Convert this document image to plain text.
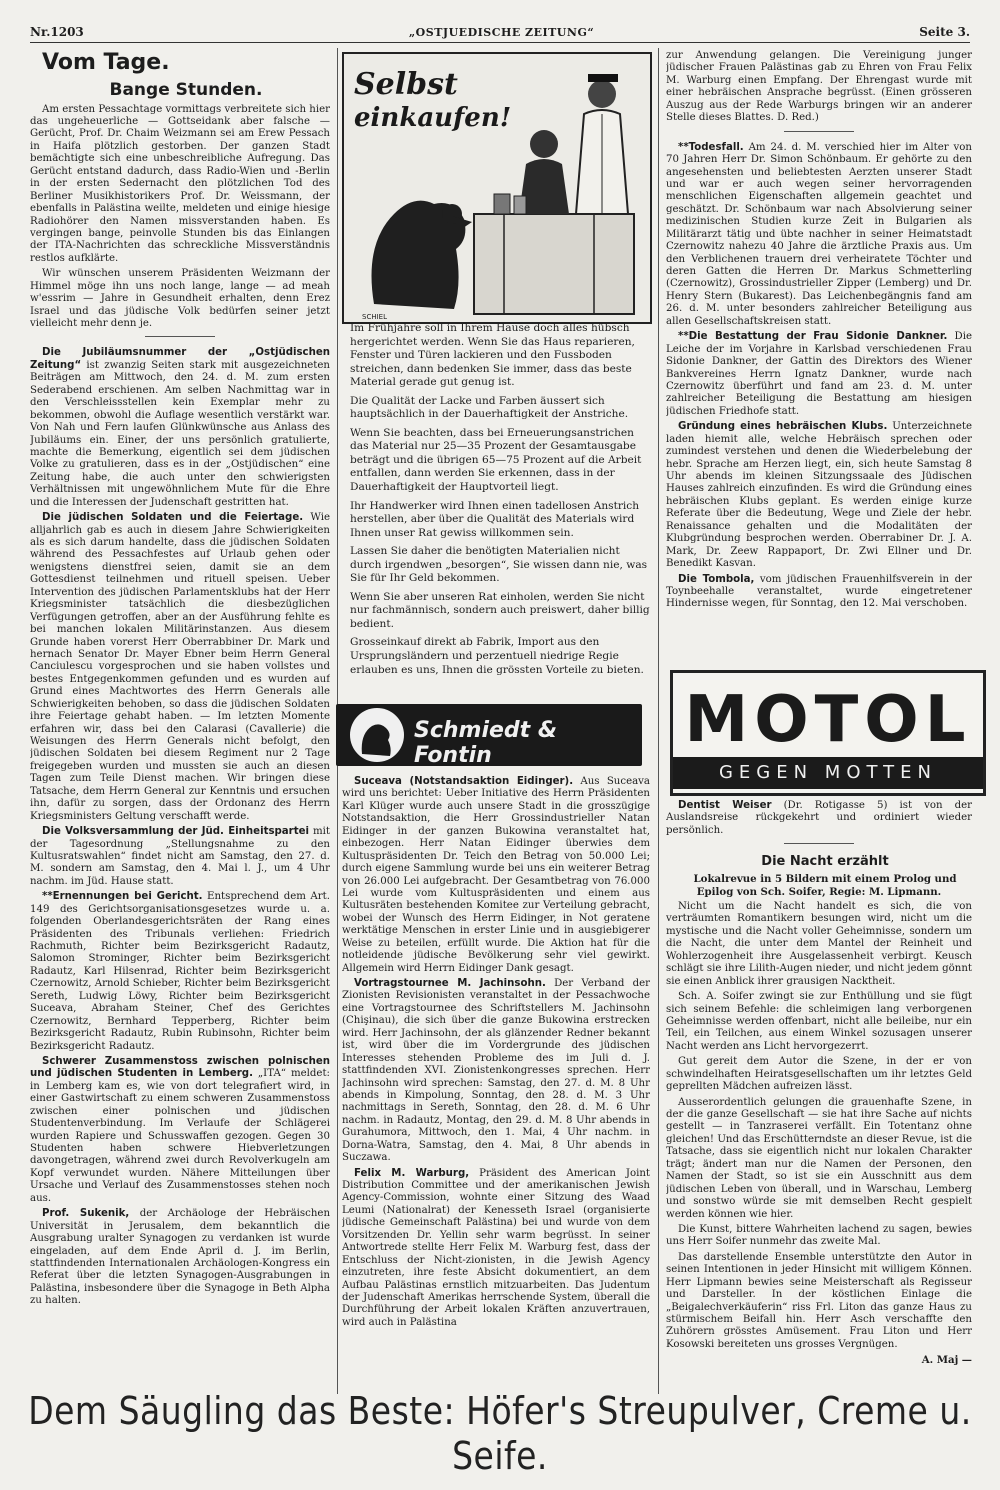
Nr.1203	„OSTJUEDISCHE ZEITUNG“	Seite 3.

Vom Tage.

Bange Stunden.

Am ersten Pessachtage vormittags verbreitete sich hier das ungeheuerliche — Gottseidank aber falsche — Gerücht, Prof. Dr. Chaim Weizmann sei am Erew Pessach in Haifa plötzlich gestorben. Der ganzen Stadt bemächtigte sich eine unbeschreibliche Aufregung. Das Gerücht entstand dadurch, dass Radio-Wien und -Berlin in der ersten Sedernacht den plötzlichen Tod des Berliner Musikhistorikers Prof. Dr. Weissmann, der ebenfalls in Palästina weilte, meldeten und einige hiesige Radiohörer den Namen missverstanden haben. Es vergingen bange, peinvolle Stunden bis das Einlangen der ITA-Nachrichten das schreckliche Missverständnis restlos aufklärte.

Wir wünschen unserem Präsidenten Weizmann der Himmel möge ihn uns noch lange, lange — ad meah w'essrim — Jahre in Gesundheit erhalten, denn Erez Israel und das jüdische Volk bedürfen seiner jetzt vielleicht mehr denn je.

Die Jubiläumsnummer der „Ostjüdischen Zeitung“ ist zwanzig Seiten stark mit ausgezeichneten Beiträgen am Mittwoch, den 24. d. M. zum ersten Sederabend erschienen. Am selben Nachmittag war in den Verschleissstellen kein Exemplar mehr zu bekommen, obwohl die Auflage wesentlich verstärkt war. Von Nah und Fern laufen Glünkwünsche aus Anlass des Jubiläums ein. Einer, der uns persönlich gratulierte, machte die Bemerkung, eigentlich sei dem jüdischen Volke zu gratulieren, dass es in der „Ostjüdischen“ eine Zeitung habe, die auch unter den schwierigsten Verhältnissen mit ungewöhnlichem Mute für die Ehre und die Interessen der Judenschaft gestritten hat.

Die jüdischen Soldaten und die Feiertage. Wie alljahrlich gab es auch in diesem Jahre Schwierigkeiten als es sich darum handelte, dass die jüdischen Soldaten während des Pessachfestes auf Urlaub gehen oder wenigstens dienstfrei seien, damit sie an dem Gottesdienst teilnehmen und rituell speisen. Ueber Intervention des jüdischen Parlamentsklubs hat der Herr Kriegsminister tatsächlich die diesbezüglichen Verfügungen getroffen, aber an der Ausführung fehlte es bei manchen lokalen Militärinstanzen. Aus diesem Grunde haben vorerst Herr Oberrabbiner Dr. Mark und hernach Senator Dr. Mayer Ebner beim Herrn General Canciulescu vorgesprochen und sie haben vollstes und bestes Entgegenkommen gefunden und es wurden auf Grund eines Machtwortes des Herrn Generals alle Schwierigkeiten behoben, so dass die jüdischen Soldaten ihre Feiertage gehabt haben. — Im letzten Momente erfahren wir, dass bei den Calarasi (Cavallerie) die Weisungen des Herrn Generals nicht befolgt, den jüdischen Soldaten bei diesem Regiment nur 2 Tage freigegeben wurden und mussten sie auch an diesen Tagen zum Teile Dienst machen. Wir bringen diese Tatsache, dem Herrn General zur Kenntnis und ersuchen ihn, dafür zu sorgen, dass der Ordonanz des Herrn Kriegsministers Geltung verschafft werde.

Die Volksversammlung der Jüd. Einheitspartei mit der Tagesordnung „Stellungsnahme zu den Kultusratswahlen“ findet nicht am Samstag, den 27. d. M. sondern am Samstag, den 4. Mai l. J., um 4 Uhr nachm. im Jüd. Hause statt.

**Ernennungen bei Gericht. Entsprechend dem Art. 149 des Gerichtsorganisationsgesetzes wurde u. a. folgenden Oberlandesgerichtsräten der Rang eines Präsidenten des Tribunals verliehen: Friedrich Rachmuth, Richter beim Bezirksgericht Radautz, Salomon Strominger, Richter beim Bezirksgericht Radautz, Karl Hilsenrad, Richter beim Bezirksgericht Czernowitz, Arnold Schieber, Richter beim Bezirksgericht Sereth, Ludwig Löwy, Richter beim Bezirksgericht Suceava, Abraham Steiner, Chef des Gerichtes Czernowitz, Bernhard Tepperberg, Richter beim Bezirksgericht Radautz, Rubin Rubinsohn, Richter beim Bezirksgericht Radautz.

Schwerer Zusammenstoss zwischen polnischen und jüdischen Studenten in Lemberg. „ITA“ meldet: in Lemberg kam es, wie von dort telegrafiert wird, in einer Gastwirtschaft zu einem schweren Zusammenstoss zwischen einer polnischen und jüdischen Studentenverbindung. Im Verlaufe der Schlägerei wurden Rapiere und Schusswaffen gezogen. Gegen 30 Studenten haben schwere Hiebverletzungen davongetragen, während zwei durch Revolverkugeln am Kopf verwundet wurden. Nähere Mitteilungen über Ursache und Verlauf des Zusammenstosses stehen noch aus.

Prof. Sukenik, der Archäologe der Hebräischen Universität in Jerusalem, dem bekanntlich die Ausgrabung uralter Synagogen zu verdanken ist wurde eingeladen, auf dem Ende April d. J. im Berlin, stattfindenden Internationalen Archäologen-Kongress ein Referat über die letzten Synagogen-Ausgrabungen in Palästina, insbesondere über die Synagoge in Beth Alpha zu halten.

SCHIEL
Selbst
einkaufen!

Im Frühjahre soll in Ihrem Hause doch alles hübsch hergerichtet werden. Wenn Sie das Haus reparieren, Fenster und Türen lackieren und den Fussboden streichen, dann bedenken Sie immer, dass das beste Material gerade gut genug ist.

Die Qualität der Lacke und Farben äussert sich hauptsächlich in der Dauerhaftigkeit der Anstriche.

Wenn Sie beachten, dass bei Erneuerungsanstrichen das Material nur 25—35 Prozent der Gesamtausgabe beträgt und die übrigen 65—75 Prozent auf die Arbeit entfallen, dann werden Sie erkennen, dass in der Dauerhaftigkeit der Hauptvorteil liegt.

Ihr Handwerker wird Ihnen einen tadellosen Anstrich herstellen, aber über die Qualität des Materials wird Ihnen unser Rat gewiss willkommen sein.

Lassen Sie daher die benötigten Materialien nicht durch irgendwen „besorgen“, Sie wissen dann nie, was Sie für Ihr Geld bekommen.

Wenn Sie aber unseren Rat einholen, werden Sie nicht nur fachmännisch, sondern auch preiswert, daher billig bedient.

Grosseinkauf direkt ab Fabrik, Import aus den Ursprungsländern und perzentuell niedrige Regie erlauben es uns, Ihnen die grössten Vorteile zu bieten.

Schmiedt & Fontin

Suceava (Notstandsaktion Eidinger). Aus Suceava wird uns berichtet: Ueber Initiative des Herrn Präsidenten Karl Klüger wurde auch unsere Stadt in die grosszügige Notstandsaktion, die Herr Grossindustrieller Natan Eidinger in der ganzen Bukowina veranstaltet hat, einbezogen. Herr Natan Eidinger überwies dem Kultuspräsidenten Dr. Teich den Betrag von 50.000 Lei; durch eigene Sammlung wurde bei uns ein weiterer Betrag von 26.000 Lei aufgebracht. Der Gesamtbetrag von 76.000 Lei wurde vom Kultuspräsidenten und einem aus Kultusräten bestehenden Komitee zur Verteilung gebracht, wobei der Wunsch des Herrn Eidinger, in Not geratene werktätige Menschen in erster Linie und in ausgiebigerer Weise zu beteilen, erfüllt wurde. Die Aktion hat für die notleidende jüdische Bevölkerung sehr viel gewirkt. Allgemein wird Herrn Eidinger Dank gesagt.

Vortragstournee M. Jachinsohn. Der Verband der Zionisten Revisionisten veranstaltet in der Pessachwoche eine Vortragstournee des Schriftstellers M. Jachinsohn (Chişinau), die sich über die ganze Bukowina erstrecken wird. Herr Jachinsohn, der als glänzender Redner bekannt ist, wird über die im Vordergrunde des jüdischen Interesses stehenden Probleme des im Juli d. J. stattfindenden XVI. Zionistenkongresses sprechen. Herr Jachinsohn wird sprechen: Samstag, den 27. d. M. 8 Uhr abends in Kimpolung, Sonntag, den 28. d. M. 3 Uhr nachmittags in Sereth, Sonntag, den 28. d. M. 6 Uhr nachm. in Radautz, Montag, den 29. d. M. 8 Uhr abends in Gurahumora, Mittwoch, den 1. Mai, 4 Uhr nachm. in Dorna-Watra, Samstag, den 4. Mai, 8 Uhr abends in Suczawa.

Felix M. Warburg, Präsident des American Joint Distribution Committee und der amerikanischen Jewish Agency-Commission, wohnte einer Sitzung des Waad Leumi (Nationalrat) der Kenesseth Israel (organisierte jüdische Gemeinschaft Palästina) bei und wurde von dem Vorsitzenden Dr. Yellin sehr warm begrüsst. In seiner Antwortrede stellte Herr Felix M. Warburg fest, dass der Entschluss der Nicht-zionisten, in die Jewish Agency einzutreten, ihre feste Absicht dokumentiert, an dem Aufbau Palästinas ernstlich mitzuarbeiten. Das Judentum der Judenschaft Amerikas herrschende System, überall die Durchführung der Arbeit lokalen Kräften anzuvertrauen, wird auch in Palästina

zur Anwendung gelangen. Die Vereinigung junger jüdischer Frauen Palästinas gab zu Ehren von Frau Felix M. Warburg einen Empfang. Der Ehrengast wurde mit einer hebräischen Ansprache begrüsst. (Einen grösseren Auszug aus der Rede Warburgs bringen wir an anderer Stelle dieses Blattes. D. Red.)

**Todesfall. Am 24. d. M. verschied hier im Alter von 70 Jahren Herr Dr. Simon Schönbaum. Er gehörte zu den angesehensten und beliebtesten Aerzten unserer Stadt und war er auch wegen seiner hervorragenden menschlichen Eigenschaften allgemein geachtet und geschätzt. Dr. Schönbaum war nach Absolvierung seiner medizinischen Studien kurze Zeit in Bulgarien als Militärarzt tätig und übte nachher in seiner Heimatstadt Czernowitz nahezu 40 Jahre die ärztliche Praxis aus. Um den Verblichenen trauern drei verheiratete Töchter und deren Gatten die Herren Dr. Markus Schmetterling (Czernowitz), Grossindustrieller Zipper (Lemberg) und Dr. Henry Stern (Bukarest). Das Leichenbegängnis fand am 26. d. M. unter besonders zahlreicher Beteiligung aus allen Gesellschaftskreisen statt.

**Die Bestattung der Frau Sidonie Dankner. Die Leiche der im Vorjahre in Karlsbad verschiedenen Frau Sidonie Dankner, der Gattin des Direktors des Wiener Bankvereines Herrn Ignatz Dankner, wurde nach Czernowitz überführt und fand am 23. d. M. unter zahlreicher Beteiligung die Bestattung am hiesigen jüdischen Friedhofe statt.

Gründung eines hebräischen Klubs. Unterzeichnete laden hiemit alle, welche Hebräisch sprechen oder zumindest verstehen und denen die Wiederbelebung der hebr. Sprache am Herzen liegt, ein, sich heute Samstag 8 Uhr abends im kleinen Sitzungssaale des Jüdischen Hauses zahlreich einzufinden. Es wird die Gründung eines hebräischen Klubs geplant. Es werden einige kurze Referate über die Bedeutung, Wege und Ziele der hebr. Renaissance gehalten und die Modalitäten der Klubgründung besprochen werden. Oberrabiner Dr. J. A. Mark, Dr. Zeew Rappaport, Dr. Zwi Ellner und Dr. Benedikt Kasvan.

Die Tombola, vom jüdischen Frauenhilfsverein in der Toynbeehalle veranstaltet, wurde eingetretener Hindernisse wegen, für Sonntag, den 12. Mai verschoben.

MOTOL
GEGEN MOTTEN

Dentist Weiser (Dr. Rotigasse 5) ist von der Auslandsreise rückgekehrt und ordiniert wieder persönlich.

Die Nacht erzählt

Lokalrevue in 5 Bildern mit einem Prolog und Epilog von Sch. Soifer, Regie: M. Lipmann.

Nicht um die Nacht handelt es sich, die von verträumten Romantikern besungen wird, nicht um die mystische und die Nacht voller Geheimnisse, sondern um die Nacht, die unter dem Mantel der Reinheit und Wohlerzogenheit ihre Ausgelassenheit verbirgt. Keusch schlägt sie ihre Lilith-Augen nieder, und nicht jedem gönnt sie einen Anblick ihrer grausigen Nacktheit.

Sch. A. Soifer zwingt sie zur Enthüllung und sie fügt sich seinem Befehle: die schleimigen lang verborgenen Geheimnisse werden offenbart, nicht alle beileibe, nur ein Teil, ein Teilchen, aus einem Winkel sozusagen unserer Nacht werden ans Licht hervorgezerrt.

Gut gereit dem Autor die Szene, in der er von schwindelhaften Heiratsgesellschaften um ihr letztes Geld geprellten Mädchen aufreizen lässt.

Ausserordentlich gelungen die grauenhafte Szene, in der die ganze Gesellschaft — sie hat ihre Sache auf nichts gestellt — in Tanzraserei verfällt. Ein Totentanz ohne gleichen! Und das Erschütterndste an dieser Revue, ist die Tatsache, dass sie eigentlich nicht nur lokalen Charakter trägt; ändert man nur die Namen der Personen, den Namen der Stadt, so ist sie ein Ausschnitt aus dem jüdischen Leben von überall, und in Warschau, Lemberg und sonstwo würde sie mit demselben Recht gespielt werden können wie hier.

Die Kunst, bittere Wahrheiten lachend zu sagen, bewies uns Herr Soifer nunmehr das zweite Mal.

Das darstellende Ensemble unterstützte den Autor in seinen Intentionen in jeder Hinsicht mit willigem Können. Herr Lipmann bewies seine Meisterschaft als Regisseur und Darsteller. In der köstlichen Einlage die „Beigalechverkäuferin“ riss Frl. Liton das ganze Haus zu stürmischem Beifall hin. Herr Asch verschaffte den Zuhörern grösstes Amüsement. Frau Liton und Herr Kosowski bereiteten uns grosses Vergnügen.

A. Maj —

Dem Säugling das Beste: Höfer's Streupulver, Creme u. Seife.
